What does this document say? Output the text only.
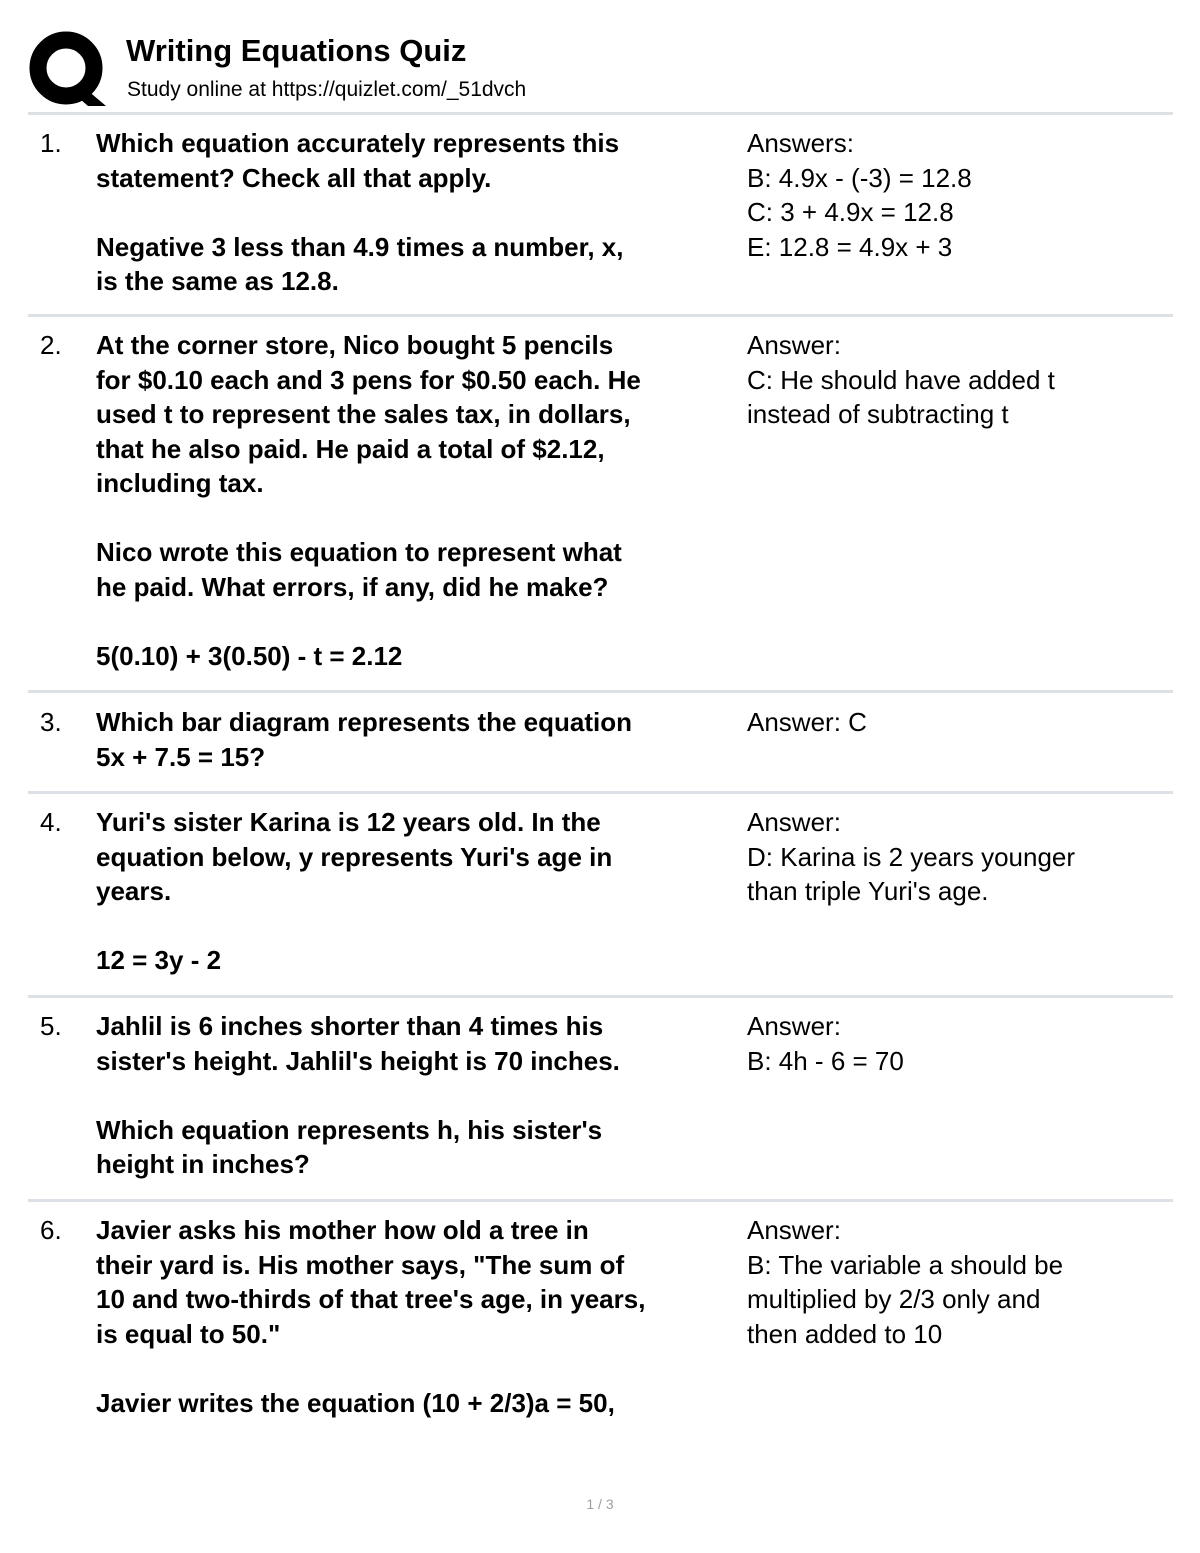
Writing Equations Quiz
Study online at https://quizlet.com/_51dvch
1. Which equation accurately represents this
statement? Check all that apply.
Negative 3 less than 4.9 times a number, x,
is the same as 12.8.
Answers:
B: 4.9x - (-3) = 12.8
C: 3 + 4.9x = 12.8
E: 12.8 = 4.9x + 3
2. At the corner store, Nico bought 5 pencils
for $0.10 each and 3 pens for $0.50 each. He
used t to represent the sales tax, in dollars,
that he also paid. He paid a total of $2.12,
including tax.
Nico wrote this equation to represent what
he paid. What errors, if any, did he make?
5(0.10) + 3(0.50) - t = 2.12
Answer:
C: He should have added t
instead of subtracting t
3. Which bar diagram represents the equation
5x + 7.5 = 15?
Answer: C
4. Yuri's sister Karina is 12 years old. In the
equation below, y represents Yuri's age in
years.
12 = 3y - 2
Answer:
D: Karina is 2 years younger
than triple Yuri's age.
5. Jahlil is 6 inches shorter than 4 times his
sister's height. Jahlil's height is 70 inches.
Which equation represents h, his sister's
height in inches?
Answer:
B: 4h - 6 = 70
6. Javier asks his mother how old a tree in
their yard is. His mother says, "The sum of
10 and two-thirds of that tree's age, in years,
is equal to 50."
Javier writes the equation (10 + 2/3)a = 50,
Answer:
B: The variable a should be
multiplied by 2/3 only and
then added to 10
1 / 3
